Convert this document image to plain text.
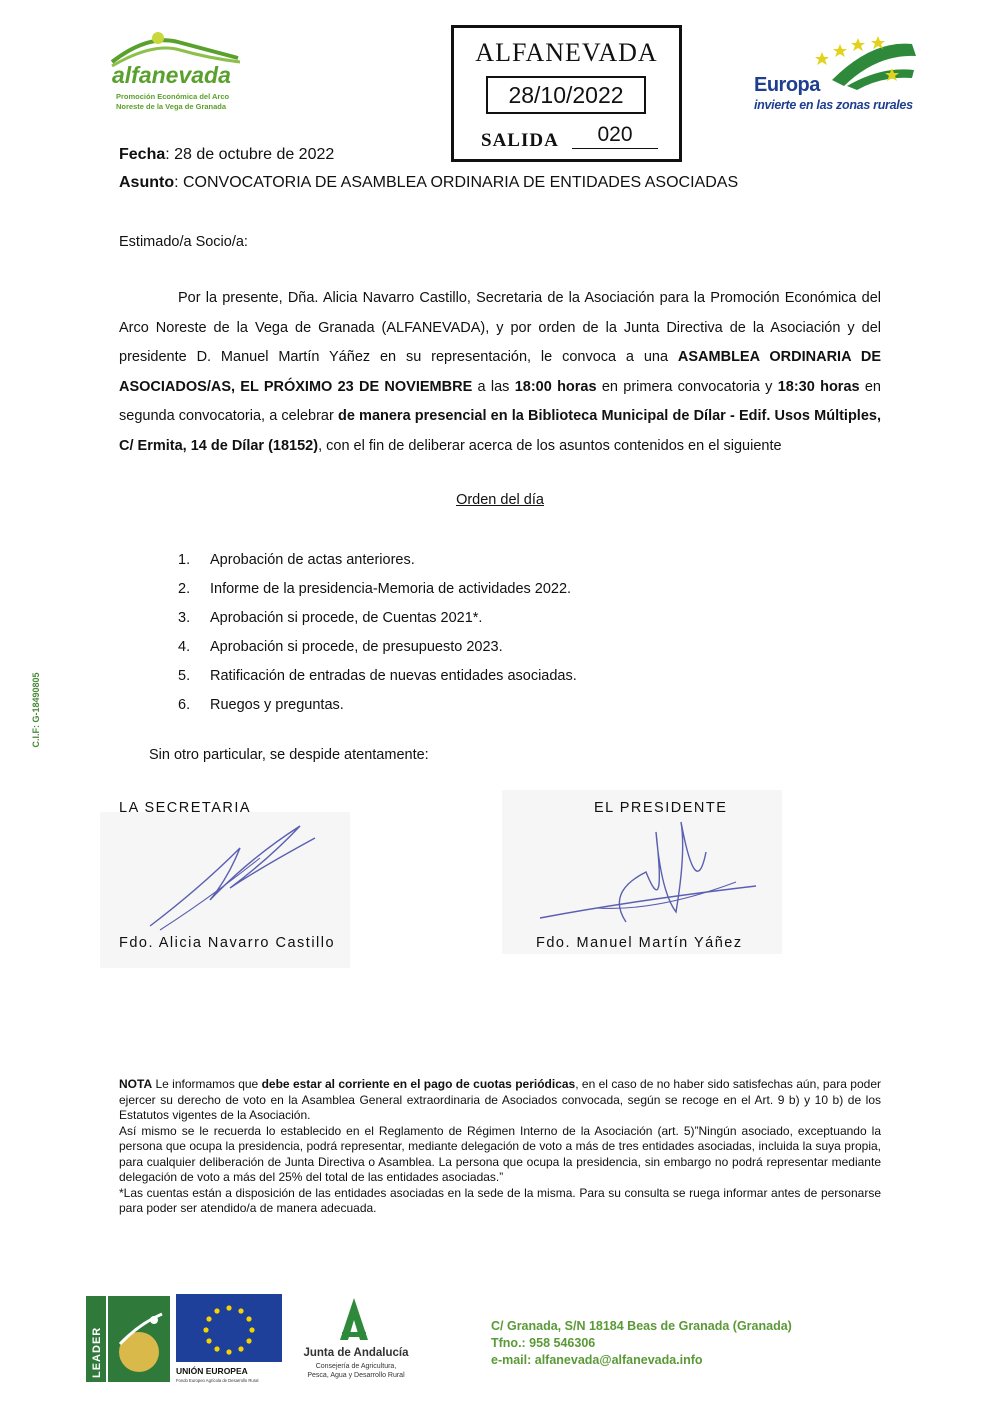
alfanevada
Promoción Económica del Arco
Noreste de la Vega de Granada
ALFANEVADA
28/10/2022
SALIDA	020
Europa
invierte en las zonas rurales
Fecha: 28 de octubre de 2022
Asunto: CONVOCATORIA DE ASAMBLEA ORDINARIA DE ENTIDADES ASOCIADAS
Estimado/a Socio/a:
Por la presente, Dña. Alicia Navarro Castillo, Secretaria de la Asociación para la Promoción Económica del Arco Noreste de la Vega de Granada (ALFANEVADA), y por orden de la Junta Directiva de la Asociación y del presidente D. Manuel Martín Yáñez en su representación, le convoca a una ASAMBLEA ORDINARIA DE ASOCIADOS/AS, EL PRÓXIMO 23 DE NOVIEMBRE a las 18:00 horas en primera convocatoria y 18:30 horas en segunda convocatoria, a celebrar de manera presencial en la Biblioteca Municipal de Dílar - Edif. Usos Múltiples, C/ Ermita, 14 de Dílar (18152), con el fin de deliberar acerca de los asuntos contenidos en el siguiente
Orden del día
1.	Aprobación de actas anteriores.
2.	Informe de la presidencia-Memoria de actividades 2022.
3.	Aprobación si procede, de Cuentas 2021*.
4.	Aprobación si procede, de presupuesto 2023.
5.	Ratificación de entradas de nuevas entidades asociadas.
6.	Ruegos y preguntas.
Sin otro particular, se despide atentamente:
C.I.F: G-18490805
LA SECRETARIA
Fdo. Alicia Navarro Castillo
EL PRESIDENTE
Fdo. Manuel Martín Yáñez

NOTA Le informamos que debe estar al corriente en el pago de cuotas periódicas, en el caso de no haber sido satisfechas aún, para poder ejercer su derecho de voto en la Asamblea General extraordinaria de Asociados convocada, según se recoge en el Art. 9 b) y 10 b) de los Estatutos vigentes de la Asociación.

Así mismo se le recuerda lo establecido en el Reglamento de Régimen Interno de la Asociación (art. 5)”Ningún asociado, exceptuando la persona que ocupa la presidencia, podrá representar, mediante delegación de voto a más de tres entidades asociadas, incluida la suya propia, para cualquier deliberación de Junta Directiva o Asamblea. La persona que ocupa la presidencia, sin embargo no podrá representar mediante delegación de voto a más del 25% del total de las entidades asociadas.”

*Las cuentas están a disposición de las entidades asociadas en la sede de la misma. Para su consulta se ruega informar antes de personarse para poder ser atendido/a de manera adecuada.

LEADER	UNIÓN EUROPEA
Fondo Europeo Agrícola de Desarrollo Rural
Junta de Andalucía
Consejería de Agricultura,
Pesca, Agua y Desarrollo Rural
C/ Granada, S/N 18184 Beas de Granada (Granada)
Tfno.: 958 546306
e-mail: alfanevada@alfanevada.info
